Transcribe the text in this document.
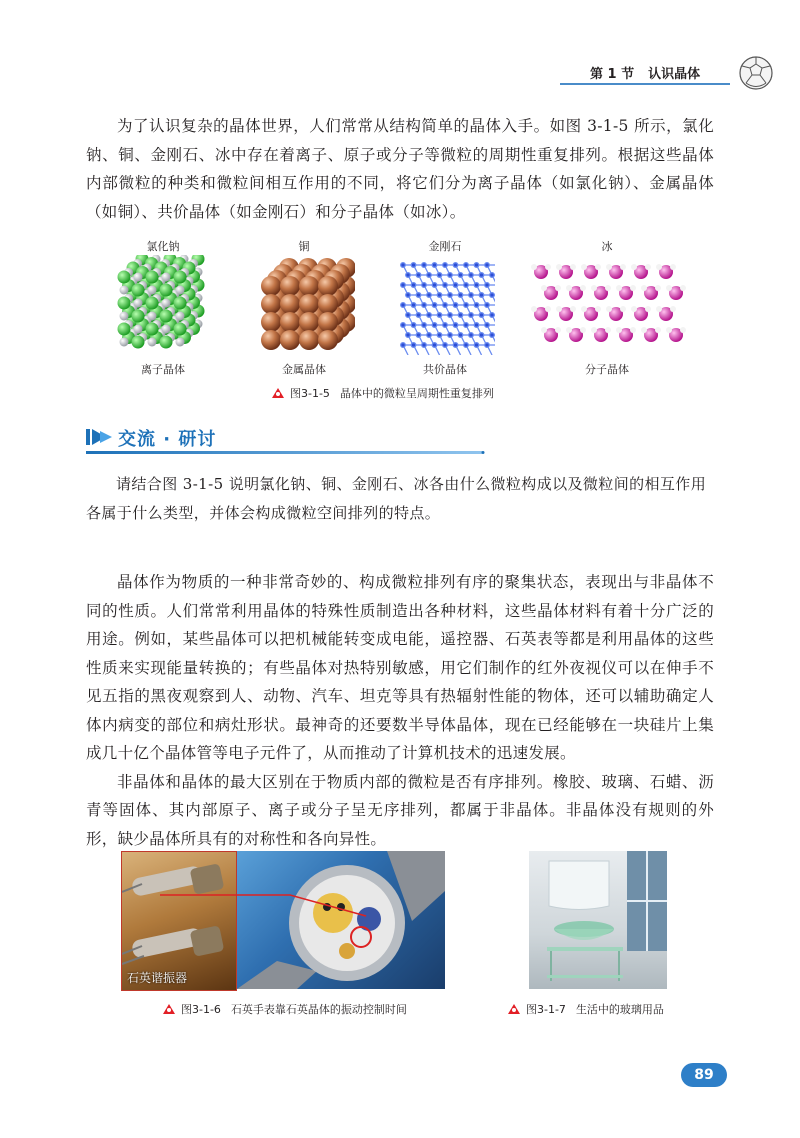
第 1 节 认识晶体

为了认识复杂的晶体世界，人们常常从结构简单的晶体入手。如图 3-1-5 所示，氯化钠、铜、金刚石、冰中存在着离子、原子或分子等微粒的周期性重复排列。根据这些晶体内部微粒的种类和微粒间相互作用的不同，将它们分为离子晶体（如氯化钠）、金属晶体（如铜）、共价晶体（如金刚石）和分子晶体（如冰）。

氯化钠	铜	金刚石	冰
离子晶体	金属晶体	共价晶体	分子晶体
图3-1-5 晶体中的微粒呈周期性重复排列
交流 · 研讨

请结合图 3-1-5 说明氯化钠、铜、金刚石、冰各由什么微粒构成以及微粒间的相互作用各属于什么类型，并体会构成微粒空间排列的特点。

晶体作为物质的一种非常奇妙的、构成微粒排列有序的聚集状态，表现出与非晶体不同的性质。人们常常利用晶体的特殊性质制造出各种材料，这些晶体材料有着十分广泛的用途。例如，某些晶体可以把机械能转变成电能，遥控器、石英表等都是利用晶体的这些性质来实现能量转换的；有些晶体对热特别敏感，用它们制作的红外夜视仪可以在伸手不见五指的黑夜观察到人、动物、汽车、坦克等具有热辐射性能的物体，还可以辅助确定人体内病变的部位和病灶形状。最神奇的还要数半导体晶体，现在已经能够在一块硅片上集成几十亿个晶体管等电子元件了，从而推动了计算机技术的迅速发展。

非晶体和晶体的最大区别在于物质内部的微粒是否有序排列。橡胶、玻璃、石蜡、沥青等固体、其内部原子、离子或分子呈无序排列，都属于非晶体。非晶体没有规则的外形，缺少晶体所具有的对称性和各向异性。

石英谐振器
图3-1-6 石英手表靠石英晶体的振动控制时间	图3-1-7 生活中的玻璃用品
89
